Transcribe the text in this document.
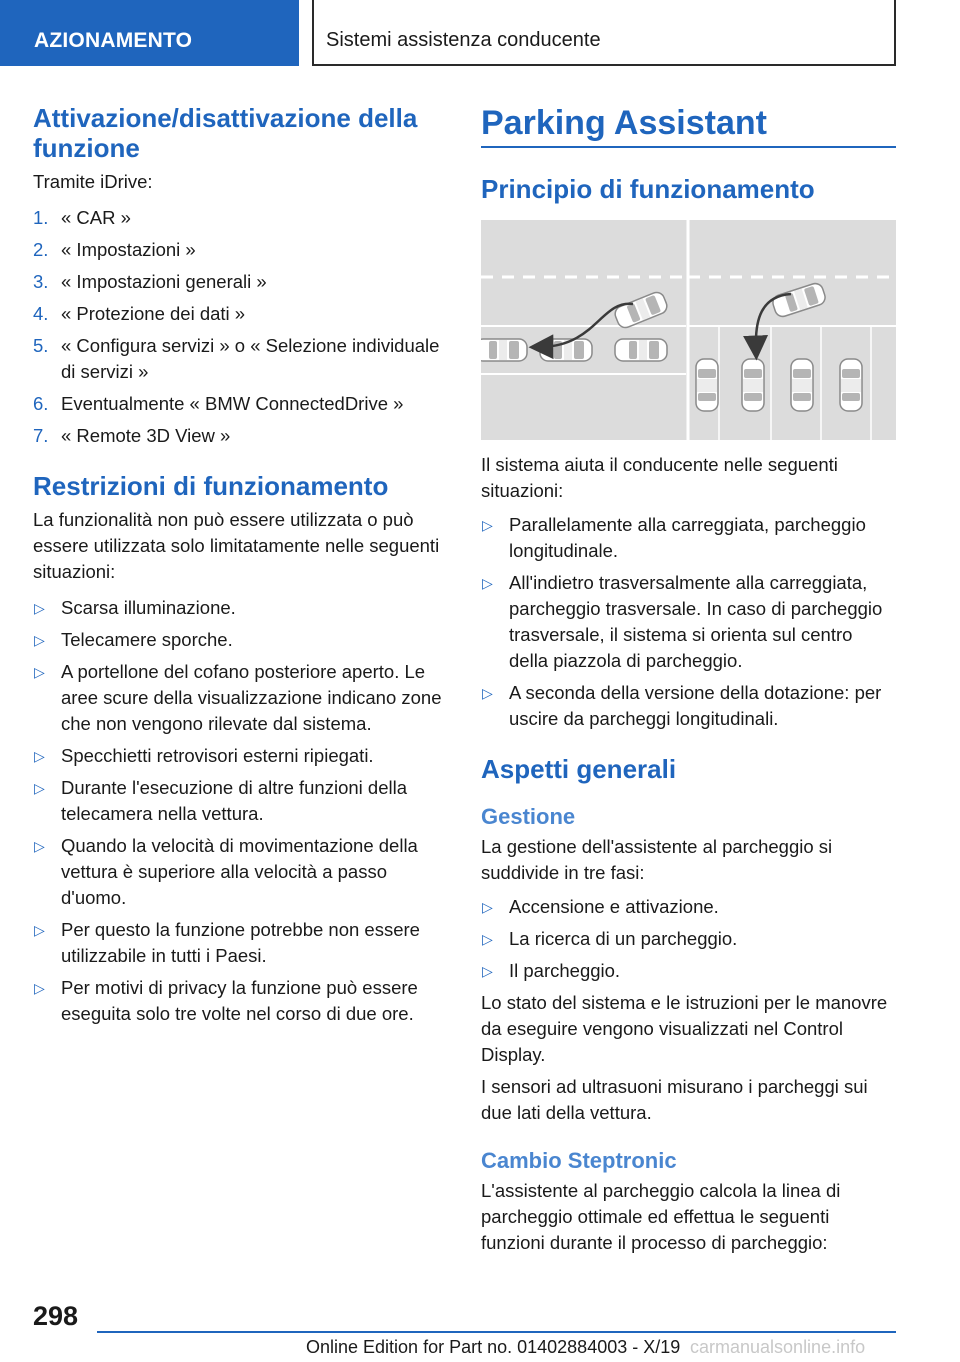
AZIONAMENTO	Sistemi assistenza conducente
Attivazione/disattivazione della funzione

Tramite iDrive:

1. « CAR »
2. « Impostazioni »
3. « Impostazioni generali »
4. « Protezione dei dati »
5. « Configura servizi » o « Selezione individuale di servizi »
6. Eventualmente « BMW ConnectedDrive »
7. « Remote 3D View »
Restrizioni di funzionamento

La funzionalità non può essere utilizzata o può essere utilizzata solo limitatamente nelle seguenti situazioni:

▷ Scarsa illuminazione.
▷ Telecamere sporche.
▷ A portellone del cofano posteriore aperto. Le aree scure della visualizzazione indicano zone che non vengono rilevate dal sistema.
▷ Specchietti retrovisori esterni ripiegati.
▷ Durante l'esecuzione di altre funzioni della telecamera nella vettura.
▷ Quando la velocità di movimentazione della vettura è superiore alla velocità a passo d'uomo.
▷ Per questo la funzione potrebbe non essere utilizzabile in tutti i Paesi.
▷ Per motivi di privacy la funzione può essere eseguita solo tre volte nel corso di due ore.
Parking Assistant
Principio di funzionamento

Il sistema aiuta il conducente nelle seguenti situazioni:

▷ Parallelamente alla carreggiata, parcheggio longitudinale.
▷ All'indietro trasversalmente alla carreggiata, parcheggio trasversale. In caso di parcheggio trasversale, il sistema si orienta sul centro della piazzola di parcheggio.
▷ A seconda della versione della dotazione: per uscire da parcheggi longitudinali.
Aspetti generali
Gestione

La gestione dell'assistente al parcheggio si suddivide in tre fasi:

▷ Accensione e attivazione.
▷ La ricerca di un parcheggio.
▷ Il parcheggio.

Lo stato del sistema e le istruzioni per le manovre da eseguire vengono visualizzati nel Control Display.

I sensori ad ultrasuoni misurano i parcheggi sui due lati della vettura.

Cambio Steptronic

L'assistente al parcheggio calcola la linea di parcheggio ottimale ed effettua le seguenti funzioni durante il processo di parcheggio:

298
Online Edition for Part no. 01402884003 - X/19 carmanualsonline.info
